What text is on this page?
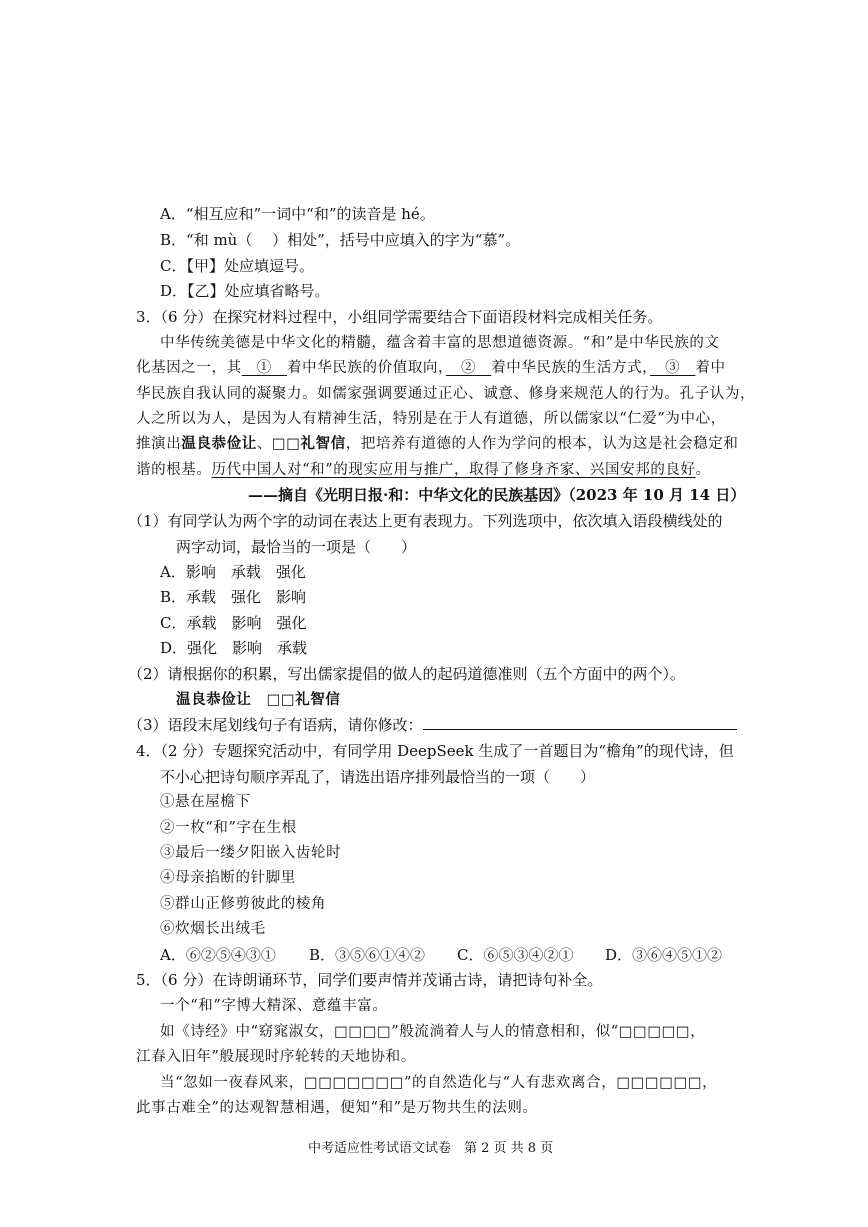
A．“相互应和”一词中“和”的读音是 hé。
B．“和 mù（　 ）相处”，括号中应填入的字为“慕”。
C．【甲】处应填逗号。
D．【乙】处应填省略号。
3．（6 分）在探究材料过程中，小组同学需要结合下面语段材料完成相关任务。
中华传统美德是中华文化的精髓，蕴含着丰富的思想道德资源。“和”是中华民族的文
化基因之一，其　①　着中华民族的价值取向，　②　着中华民族的生活方式，　③　着中
华民族自我认同的凝聚力。如儒家强调要通过正心、诚意、修身来规范人的行为。孔子认为，
人之所以为人，是因为人有精神生活，特别是在于人有道德，所以儒家以“仁爱”为中心，
推演出温良恭俭让、□□礼智信，把培养有道德的人作为学问的根本，认为这是社会稳定和
谐的根基。历代中国人对“和”的现实应用与推广，取得了修身齐家、兴国安邦的良好。
——摘自《光明日报·和：中华文化的民族基因》（2023 年 10 月 14 日）
（1）有同学认为两个字的动词在表达上更有表现力。下列选项中，依次填入语段横线处的
两字动词，最恰当的一项是（　　）
A．影响　承载　强化
B．承载　强化　影响
C．承载　影响　强化
D．强化　影响　承载
（2）请根据你的积累，写出儒家提倡的做人的起码道德准则（五个方面中的两个）。
温良恭俭让　□□礼智信
（3）语段末尾划线句子有语病，请你修改：
4．（2 分）专题探究活动中，有同学用 DeepSeek 生成了一首题目为“檐角”的现代诗，但
不小心把诗句顺序弄乱了，请选出语序排列最恰当的一项（　　）
①悬在屋檐下
②一枚“和”字在生根
③最后一缕夕阳嵌入齿轮时
④母亲掐断的针脚里
⑤群山正修剪彼此的棱角
⑥炊烟长出绒毛
A．⑥②⑤④③① B．③⑤⑥①④② C．⑥⑤③④②① D．③⑥④⑤①②
5．（6 分）在诗朗诵环节，同学们要声情并茂诵古诗，请把诗句补全。
一个“和”字博大精深、意蕴丰富。
如《诗经》中“窈窕淑女，□□□□”般流淌着人与人的情意相和，似“□□□□□，
江春入旧年”般展现时序轮转的天地协和。
当“忽如一夜春风来，□□□□□□□”的自然造化与“人有悲欢离合，□□□□□□，
此事古难全”的达观智慧相遇，便知“和”是万物共生的法则。
中考适应性考试语文试卷　第 2 页 共 8 页
